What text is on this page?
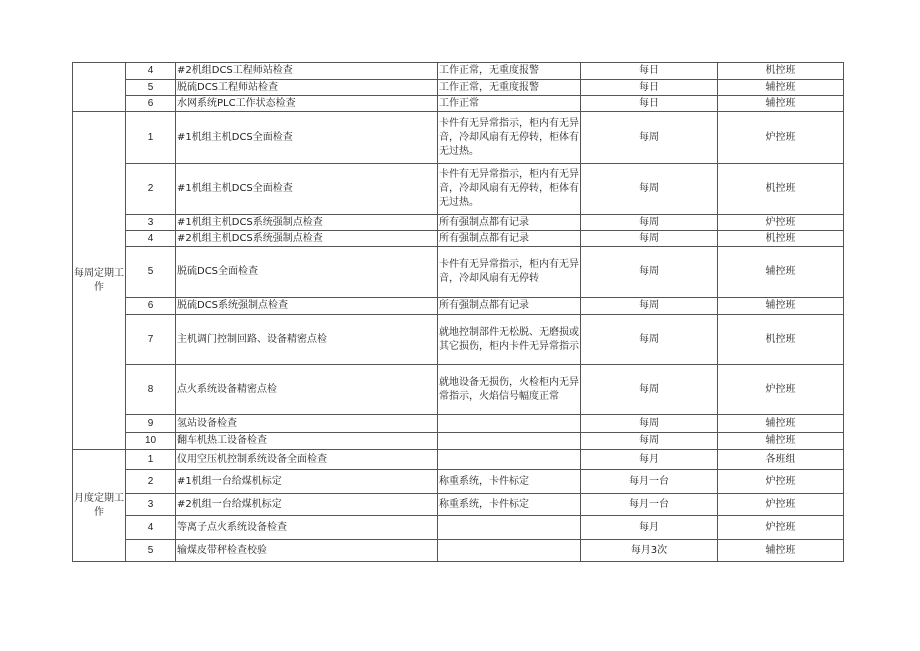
	4	#2机组DCS工程师站检查	工作正常，无重度报警	每日	机控班
	5	脱硫DCS工程师站检查	工作正常，无重度报警	每日	辅控班
	6	水网系统PLC工作状态检查	工作正常	每日	辅控班
每周定期工作	1	#1机组主机DCS全面检查	卡件有无异常指示，柜内有无异音，冷却风扇有无停转，柜体有无过热。	每周	炉控班
	2	#1机组主机DCS全面检查	卡件有无异常指示，柜内有无异音，冷却风扇有无停转，柜体有无过热。	每周	机控班
	3	#1机组主机DCS系统强制点检查	所有强制点都有记录	每周	炉控班
	4	#2机组主机DCS系统强制点检查	所有强制点都有记录	每周	机控班
	5	脱硫DCS全面检查	卡件有无异常指示，柜内有无异音，冷却风扇有无停转	每周	辅控班
	6	脱硫DCS系统强制点检查	所有强制点都有记录	每周	辅控班
	7	主机调门控制回路、设备精密点检	就地控制部件无松脱、无磨损或其它损伤，柜内卡件无异常指示	每周	机控班
	8	点火系统设备精密点检	就地设备无损伤，火检柜内无异常指示，火焰信号幅度正常	每周	炉控班
	9	氢站设备检查		每周	辅控班
	10	翻车机热工设备检查		每周	辅控班
月度定期工作	1	仪用空压机控制系统设备全面检查		每月	各班组
	2	#1机组一台给煤机标定	称重系统，卡件标定	每月一台	炉控班
	3	#2机组一台给煤机标定	称重系统，卡件标定	每月一台	炉控班
	4	等离子点火系统设备检查		每月	炉控班
	5	输煤皮带秤检查校验		每月3次	辅控班
